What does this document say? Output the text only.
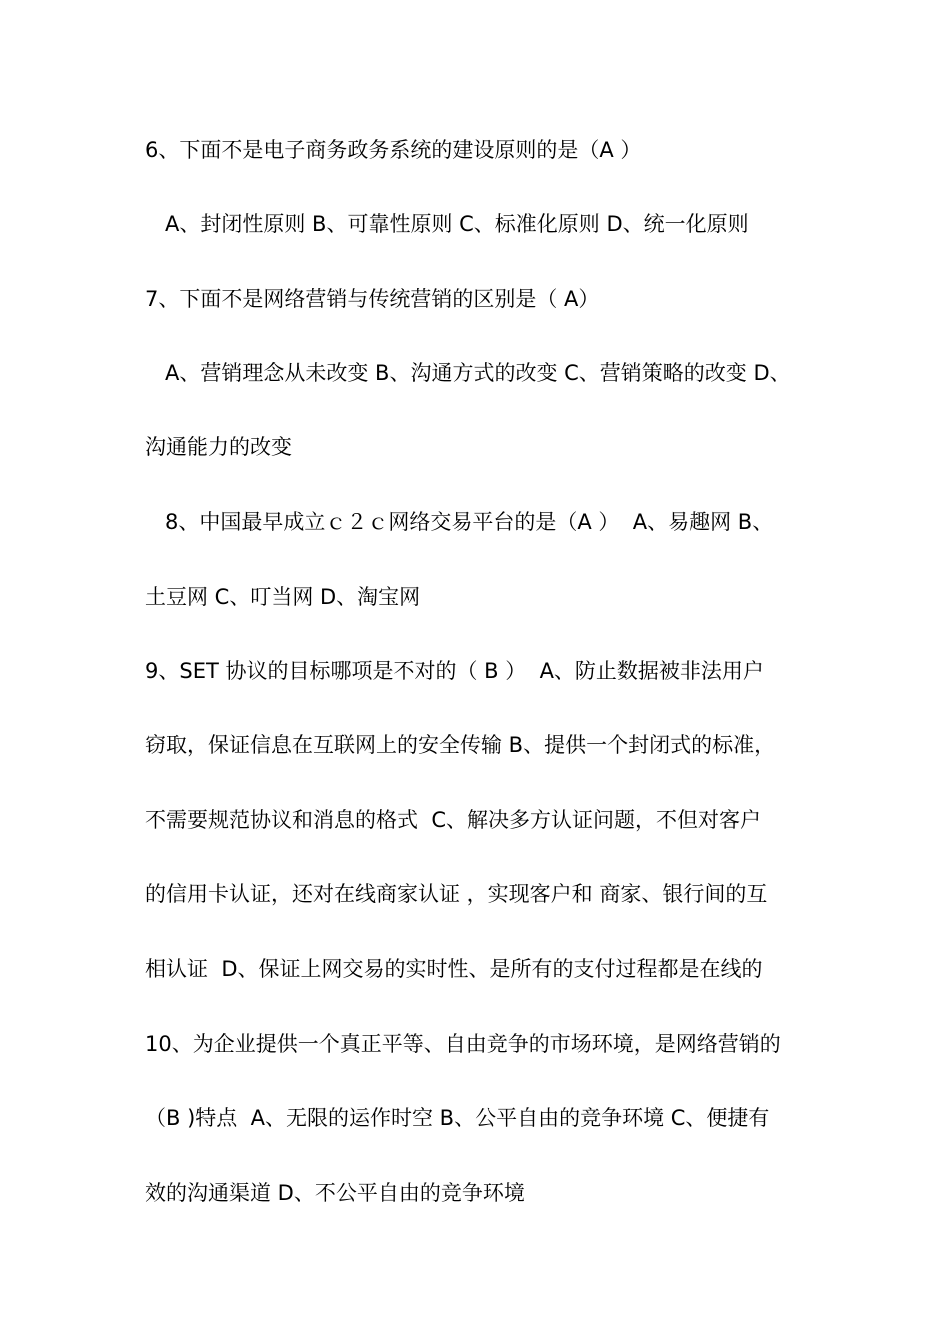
6、下面不是电子商务政务系统的建设原则的是（A ）
A、封闭性原则 B、可靠性原则 C、标准化原则 D、统一化原则
7、下面不是网络营销与传统营销的区别是（ A）
A、营销理念从未改变 B、沟通方式的改变 C、营销策略的改变 D、
沟通能力的改变
8、中国最早成立ｃ２ｃ网络交易平台的是（A ）  A、易趣网 B、
土豆网 C、叮当网 D、淘宝网
9、SET 协议的目标哪项是不对的（ B ）  A、防止数据被非法用户
窃取，保证信息在互联网上的安全传输 B、提供一个封闭式的标准，
不需要规范协议和消息的格式  C、解决多方认证问题，不但对客户
的信用卡认证，还对在线商家认证 ，实现客户和 商家、银行间的互
相认证  D、保证上网交易的实时性、是所有的支付过程都是在线的
10、为企业提供一个真正平等、自由竞争的市场环境，是网络营销的
（B )特点  A、无限的运作时空 B、公平自由的竞争环境 C、便捷有
效的沟通渠道 D、不公平自由的竞争环境
